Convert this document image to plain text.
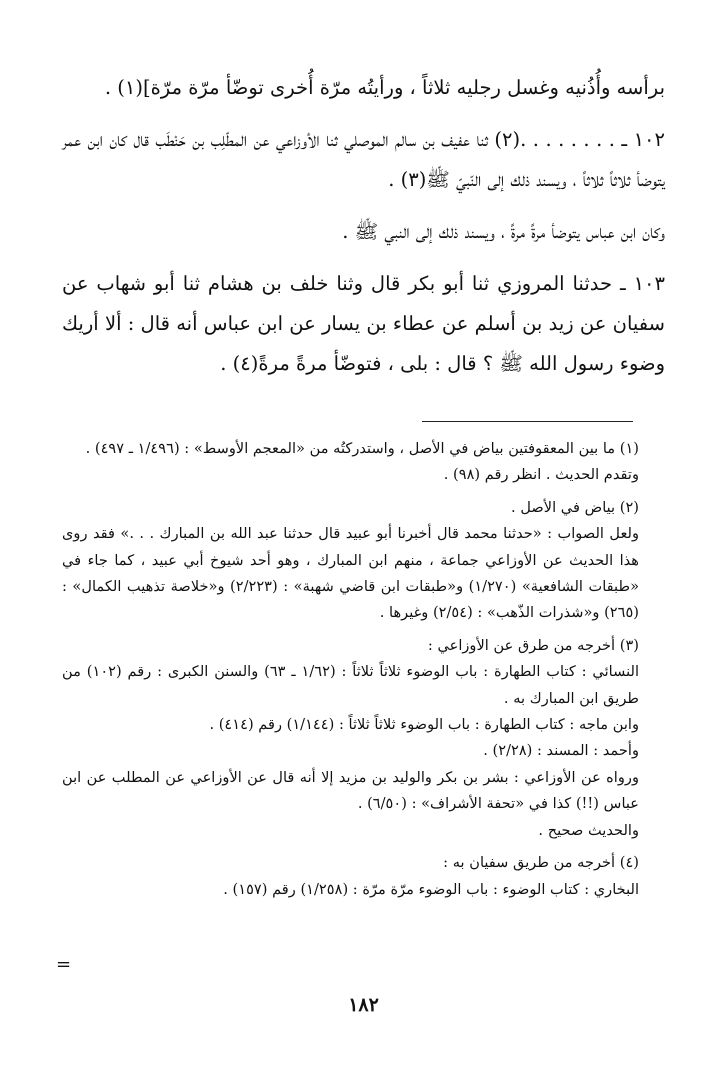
برأسه وأُذُنيه وغسل رجليه ثلاثاً ، ورأيتُه مرّة أُخرى توضّأ مرّة مرّة](١) .

١٠٢ ـ . . . . . . . .(٢) ثنا عفيف بن سالم الموصلي ثنا الأوزاعي عن المطّلِب بن حَنْطَب قال كان ابن عمر يتوضأ ثلاثاً ثلاثاً ، ويسند ذلك إلى النّبيّ ﷺ(٣) .

وكان ابن عباس يتوضأ مرةً مرةً ، ويسند ذلك إلى النبي ﷺ .

١٠٣ ـ حدثنا المروزي ثنا أبو بكر قال وثنا خلف بن هشام ثنا أبو شهاب عن سفيان عن زيد بن أسلم عن عطاء بن يسار عن ابن عباس أنه قال : ألا أريك وضوء رسول الله ﷺ ؟ قال : بلى ، فتوضّأ مرةً مرةً(٤) .

(١) ما بين المعقوفتين بياض في الأصل ، واستدركتُه من «المعجم الأوسط» : (١/٤٩٦ ـ ٤٩٧) .

وتقدم الحديث . انظر رقم (٩٨) .

(٢) بياض في الأصل .

ولعل الصواب : «حدثنا محمد قال أخبرنا أبو عبيد قال حدثنا عبد الله بن المبارك . . .» فقد روى هذا الحديث عن الأوزاعي جماعة ، منهم ابن المبارك ، وهو أحد شيوخ أبي عبيد ، كما جاء في «طبقات الشافعية» (١/٢٧٠) و«طبقات ابن قاضي شهبة» : (٢/٢٢٣) و«خلاصة تذهيب الكمال» : (٢٦٥) و«شذرات الذّهب» : (٢/٥٤) وغيرها .

(٣) أخرجه من طرق عن الأوزاعي :

النسائي : كتاب الطهارة : باب الوضوء ثلاثاً ثلاثاً : (١/٦٢ ـ ٦٣) والسنن الكبرى : رقم (١٠٢) من طريق ابن المبارك به .

وابن ماجه : كتاب الطهارة : باب الوضوء ثلاثاً ثلاثاً : (١/١٤٤) رقم (٤١٤) .

وأحمد : المسند : (٢/٢٨) .

ورواه عن الأوزاعي : بشر بن بكر والوليد بن مزيد إلا أنه قال عن الأوزاعي عن المطلب عن ابن عباس (!!) كذا في «تحفة الأشراف» : (٦/٥٠) .

والحديث صحيح .

(٤) أخرجه من طريق سفيان به :

البخاري : كتاب الوضوء : باب الوضوء مرّة مرّة : (١/٢٥٨) رقم (١٥٧) .

=
١٨٢
